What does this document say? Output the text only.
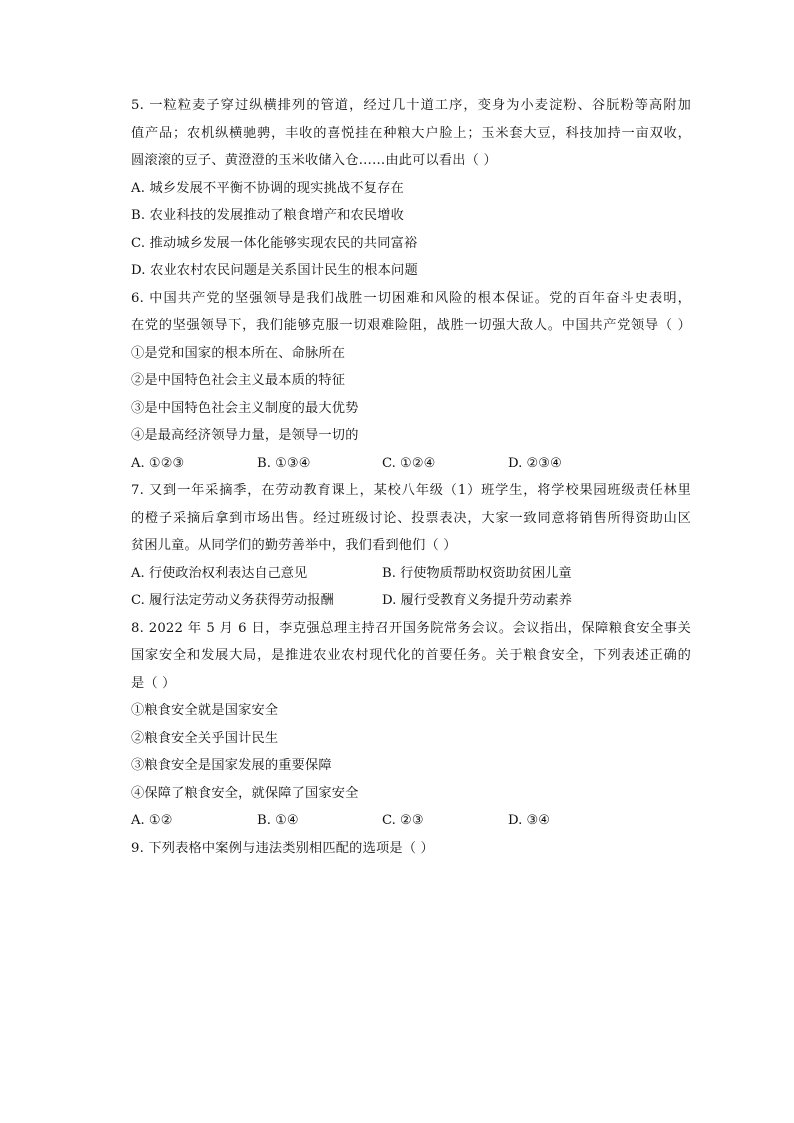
5. 一粒粒麦子穿过纵横排列的管道，经过几十道工序，变身为小麦淀粉、谷朊粉等高附加
值产品；农机纵横驰骋，丰收的喜悦挂在种粮大户脸上；玉米套大豆，科技加持一亩双收，
圆滚滚的豆子、黄澄澄的玉米收储入仓……由此可以看出（ ）
A. 城乡发展不平衡不协调的现实挑战不复存在
B. 农业科技的发展推动了粮食增产和农民增收
C. 推动城乡发展一体化能够实现农民的共同富裕
D. 农业农村农民问题是关系国计民生的根本问题
6. 中国共产党的坚强领导是我们战胜一切困难和风险的根本保证。党的百年奋斗史表明，
在党的坚强领导下，我们能够克服一切艰难险阻，战胜一切强大敌人。中国共产党领导（ ）
①是党和国家的根本所在、命脉所在
②是中国特色社会主义最本质的特征
③是中国特色社会主义制度的最大优势
④是最高经济领导力量，是领导一切的
A. ①②③	B. ①③④	C. ①②④	D. ②③④
7. 又到一年采摘季，在劳动教育课上，某校八年级（1）班学生，将学校果园班级责任林里
的橙子采摘后拿到市场出售。经过班级讨论、投票表决，大家一致同意将销售所得资助山区
贫困儿童。从同学们的勤劳善举中，我们看到他们（ ）
A. 行使政治权利表达自己意见	B. 行使物质帮助权资助贫困儿童
C. 履行法定劳动义务获得劳动报酬	D. 履行受教育义务提升劳动素养
8. 2022 年 5 月 6 日，李克强总理主持召开国务院常务会议。会议指出，保障粮食安全事关
国家安全和发展大局，是推进农业农村现代化的首要任务。关于粮食安全，下列表述正确的
是（ ）
①粮食安全就是国家安全
②粮食安全关乎国计民生
③粮食安全是国家发展的重要保障
④保障了粮食安全，就保障了国家安全
A. ①②	B. ①④	C. ②③	D. ③④
9. 下列表格中案例与违法类别相匹配的选项是（ ）
